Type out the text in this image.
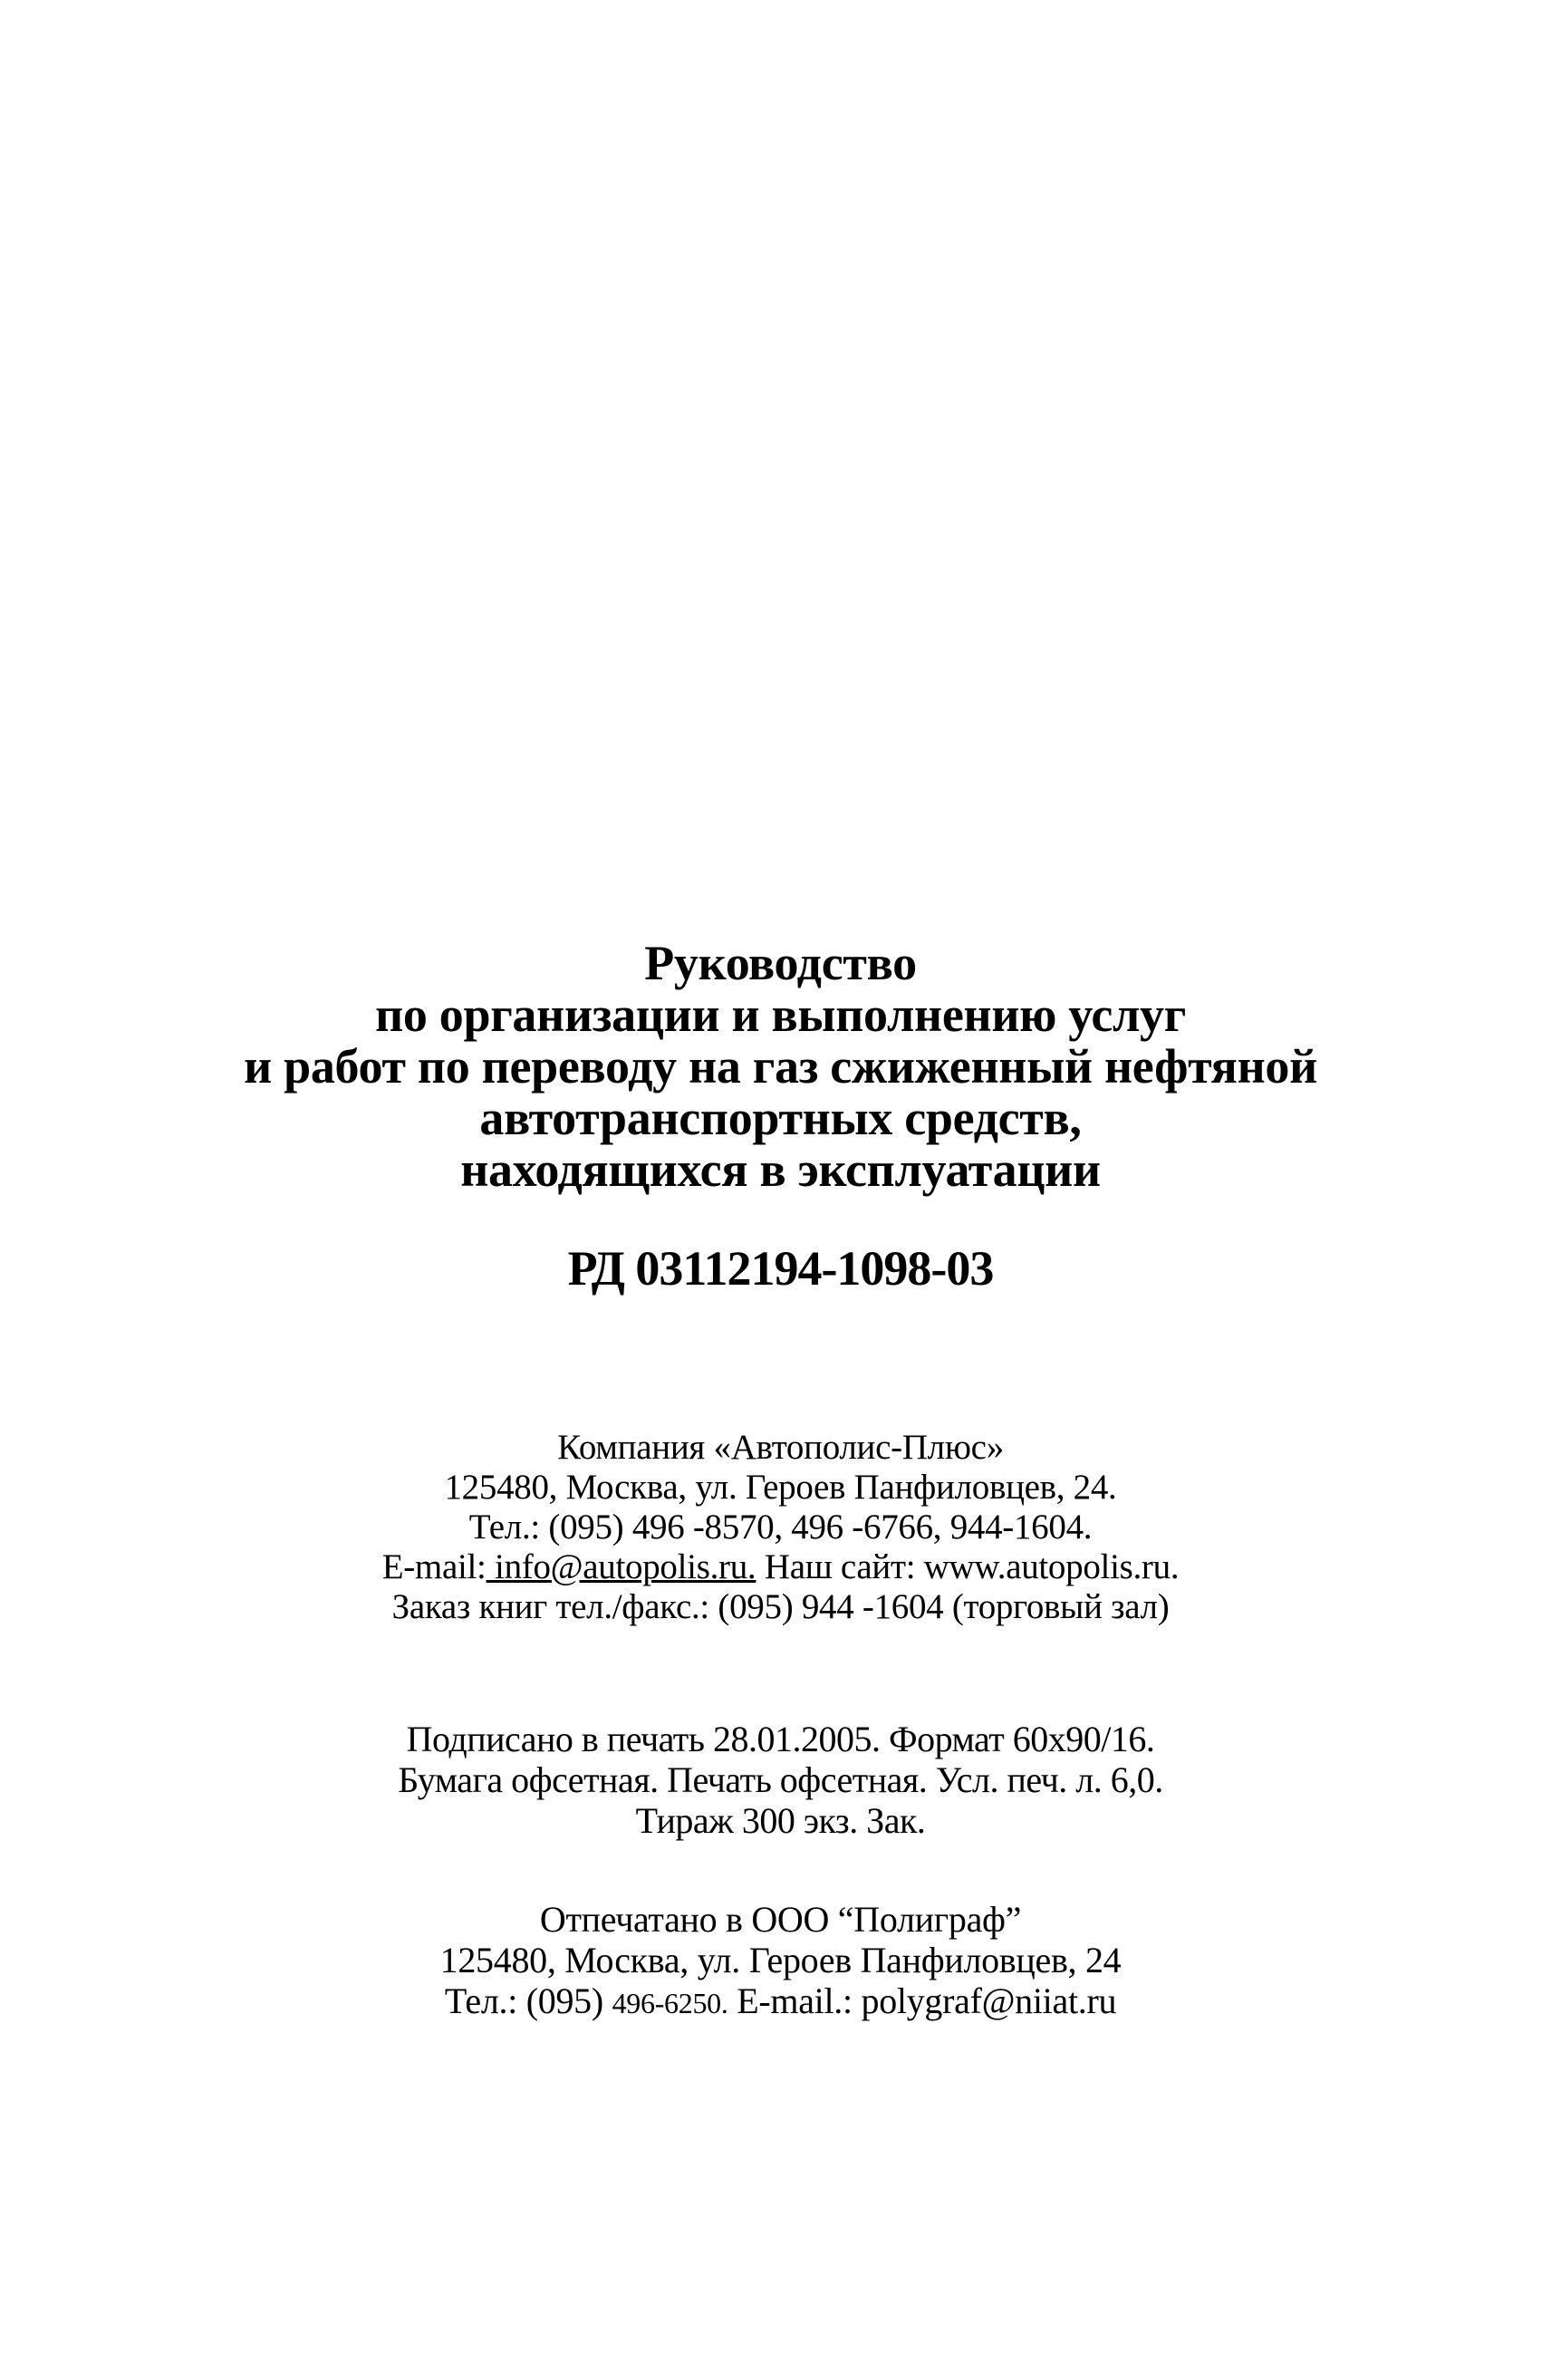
Руководство
по организации и выполнению услуг
и работ по переводу на газ сжиженный нефтяной
автотранспортных средств,
находящихся в эксплуатации
РД 03112194-1098-03
Компания «Автополис-Плюс»
125480, Москва, ул. Героев Панфиловцев, 24.
Тел.: (095) 496 -8570, 496 -6766, 944-1604.
E-mail: info@autopolis.ru. Наш сайт: www.autopolis.ru.
Заказ книг тел./факс.: (095) 944 -1604 (торговый зал)
Подписано в печать 28.01.2005. Формат 60х90/16.
Бумага офсетная. Печать офсетная. Усл. печ. л. 6,0.
Тираж 300 экз. Зак.
Отпечатано в ООО “Полиграф”
125480, Москва, ул. Героев Панфиловцев, 24
Тел.: (095) 496-6250. E-mail.: polygraf@niiat.ru
